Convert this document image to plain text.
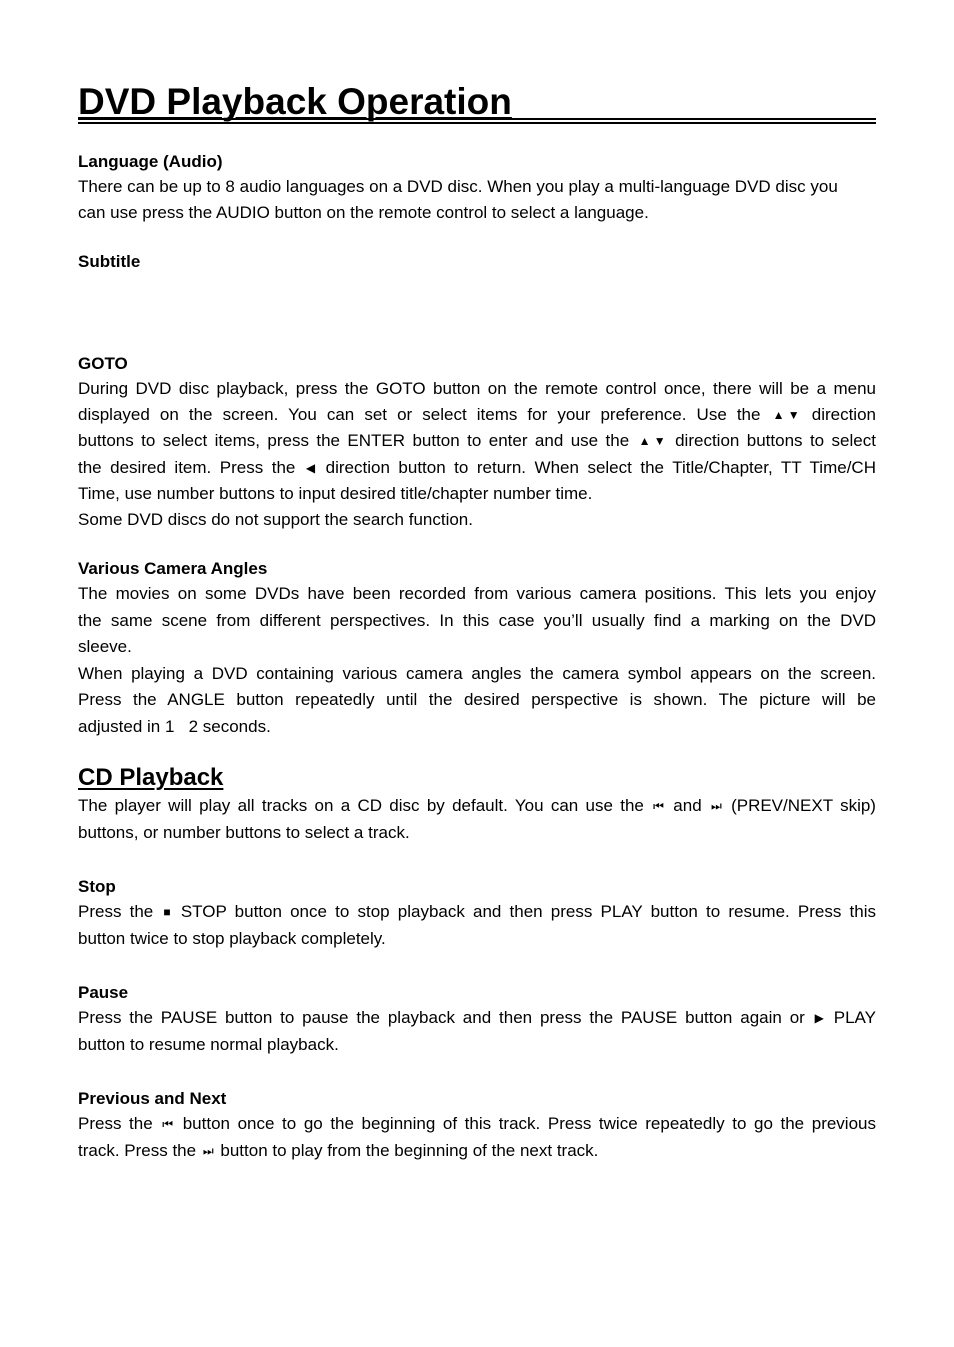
DVD Playback Operation

Language (Audio)

There can be up to 8 audio languages on a DVD disc. When you play a multi-language DVD disc you

can use press the AUDIO button on the remote control to select a language.

Subtitle

GOTO

During DVD disc playback, press the GOTO button on the remote control once, there will be a menu

displayed on the screen. You can set or select items for your preference. Use the ▲ ▼ direction

buttons to select items, press the ENTER button to enter and use the ▲ ▼ direction buttons to select

the desired item. Press the ◀ direction button to return. When select the Title/Chapter, TT Time/CH

Time, use number buttons to input desired title/chapter number time.

Some DVD discs do not support the search function.

Various Camera Angles

The movies on some DVDs have been recorded from various camera positions. This lets you enjoy

the same scene from different perspectives. In this case you’ll usually find a marking on the DVD

sleeve.

When playing a DVD containing various camera angles the camera symbol appears on the screen.

Press the ANGLE button repeatedly until the desired perspective is shown. The picture will be

adjusted in 1   2 seconds.

CD Playback

The player will play all tracks on a CD disc by default. You can use the ⏮ and ⏭ (PREV/NEXT skip)

buttons, or number buttons to select a track.

Stop

Press the ■ STOP button once to stop playback and then press PLAY button to resume. Press this

button twice to stop playback completely.

Pause

Press the PAUSE button to pause the playback and then press the PAUSE button again or ▶ PLAY

button to resume normal playback.

Previous and Next

Press the ⏮ button once to go the beginning of this track. Press twice repeatedly to go the previous

track. Press the ⏭ button to play from the beginning of the next track.
